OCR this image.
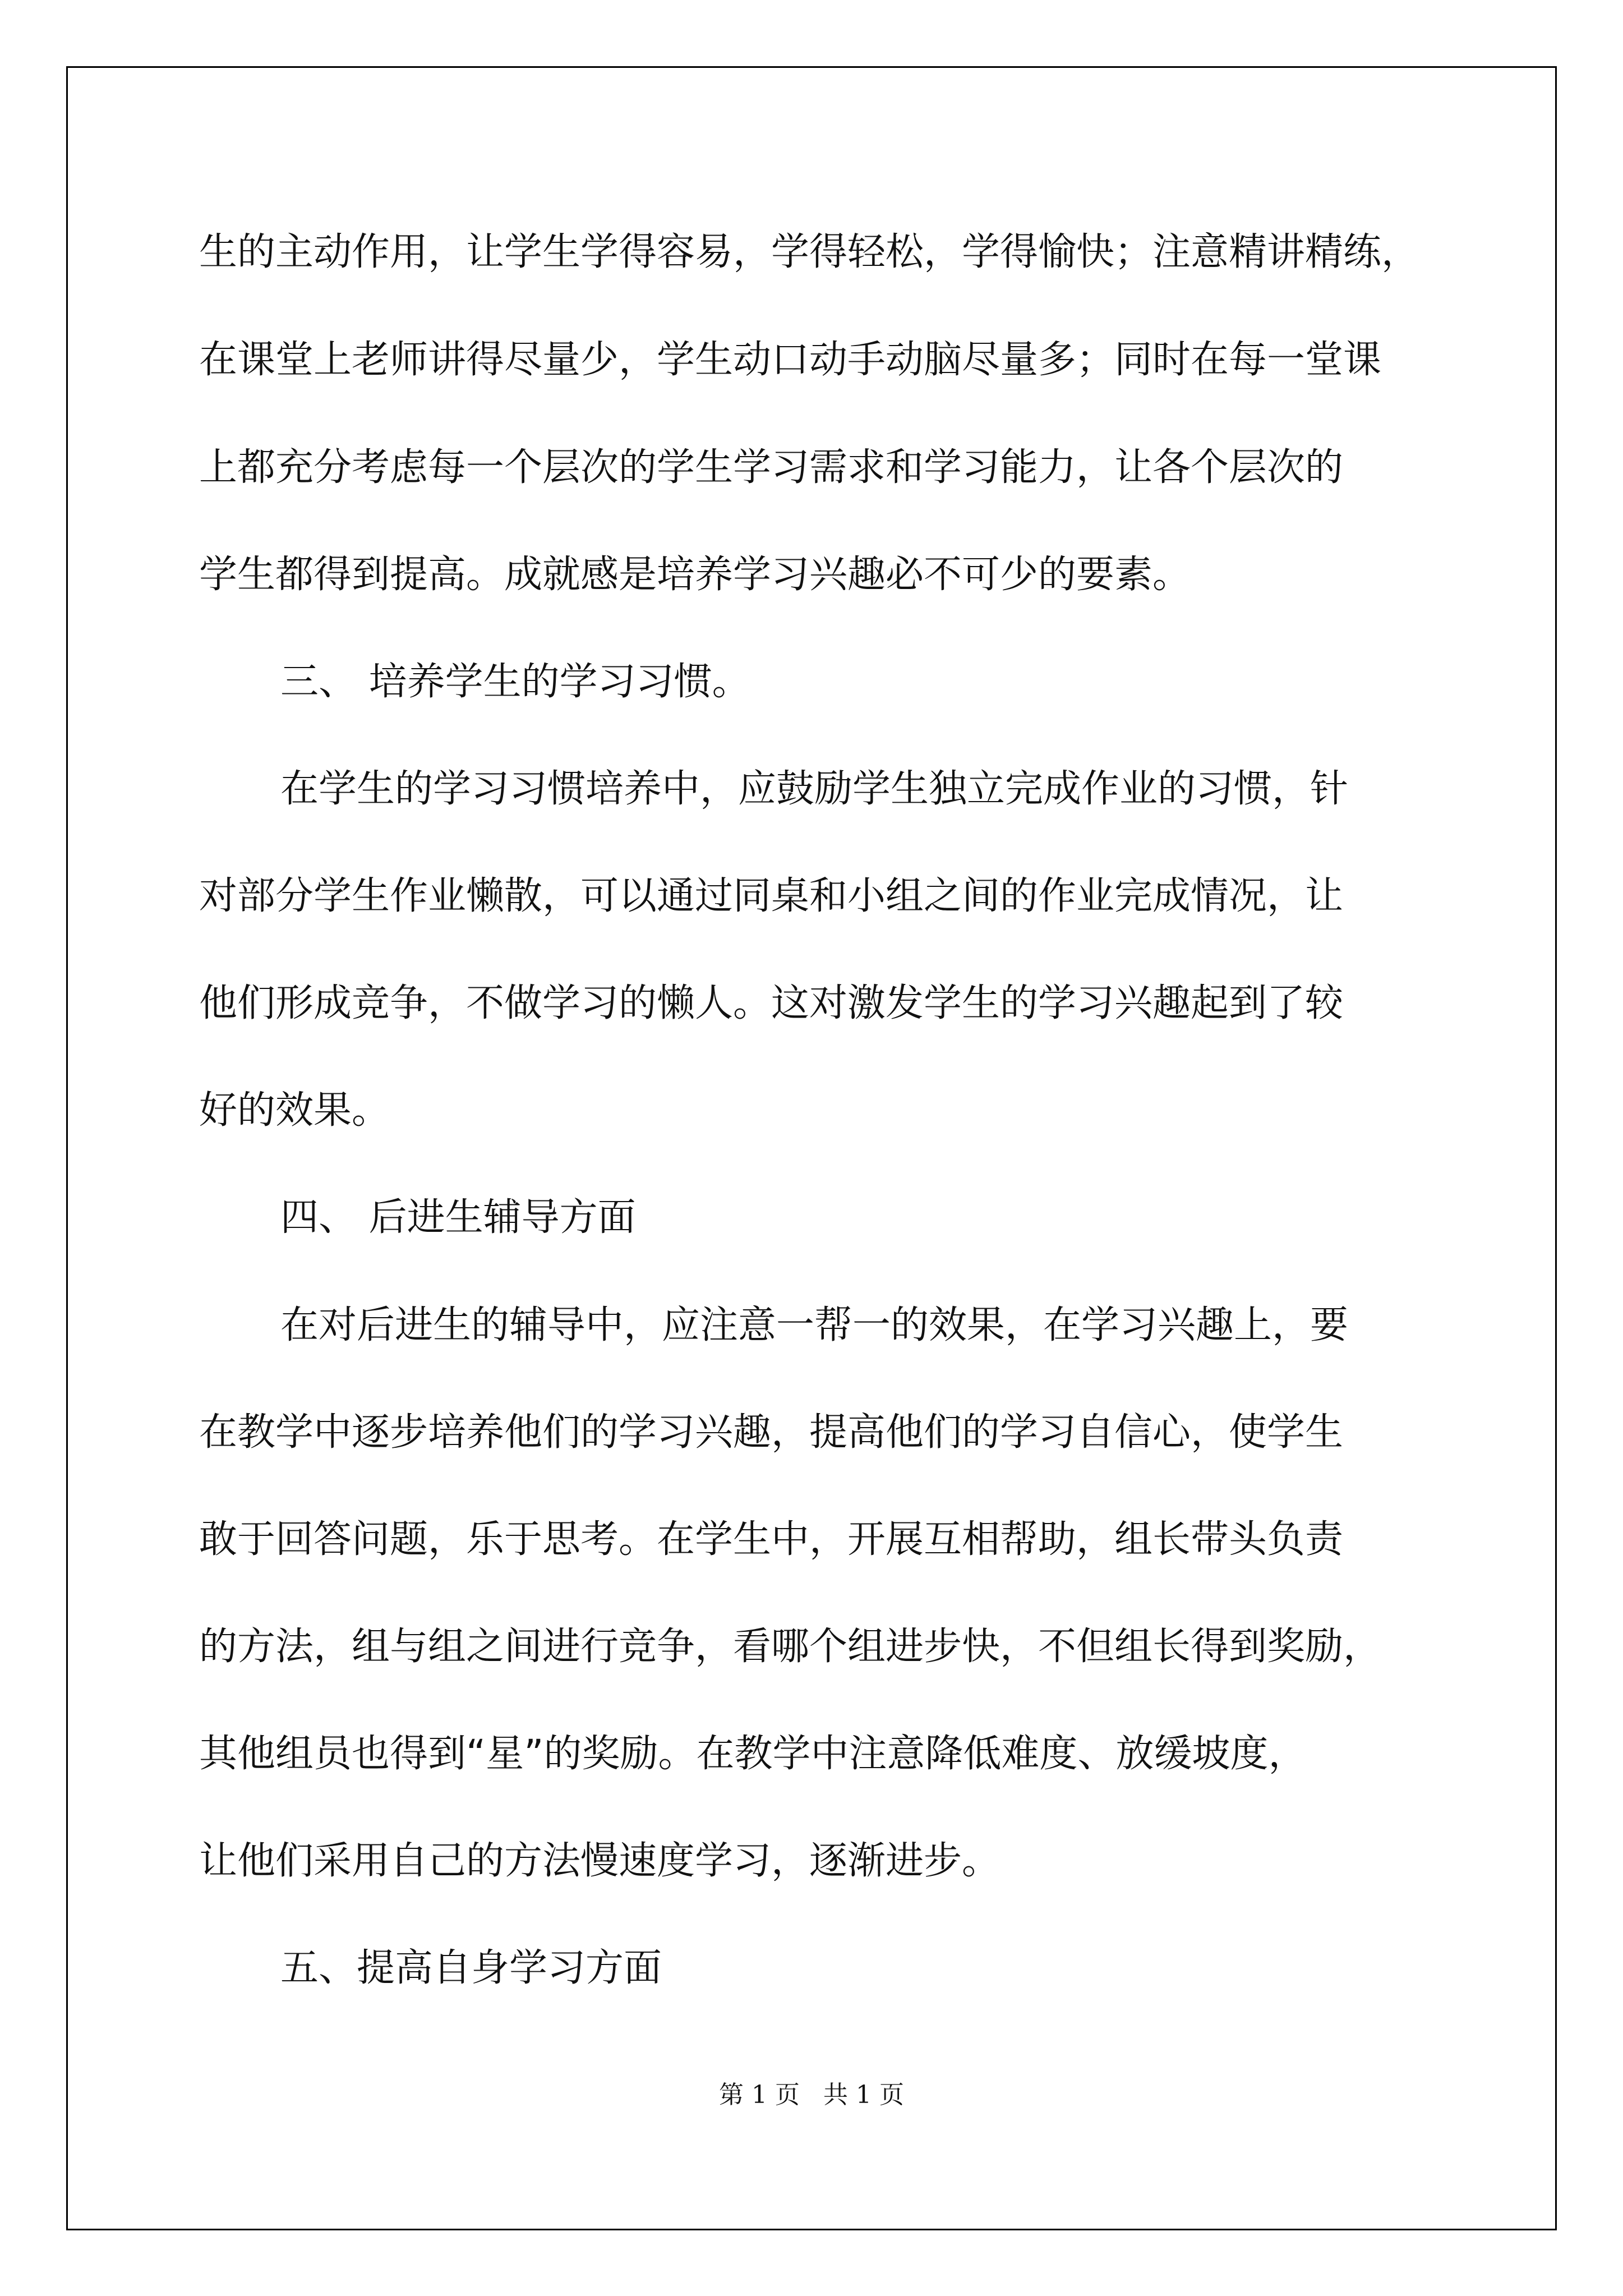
生的主动作用，让学生学得容易，学得轻松，学得愉快；注意精讲精练，

在课堂上老师讲得尽量少，学生动口动手动脑尽量多；同时在每一堂课

上都充分考虑每一个层次的学生学习需求和学习能力，让各个层次的

学生都得到提高。成就感是培养学习兴趣必不可少的要素。

三、 培养学生的学习习惯。

在学生的学习习惯培养中，应鼓励学生独立完成作业的习惯，针

对部分学生作业懒散，可以通过同桌和小组之间的作业完成情况，让

他们形成竞争，不做学习的懒人。这对激发学生的学习兴趣起到了较

好的效果。

四、 后进生辅导方面

在对后进生的辅导中，应注意一帮一的效果，在学习兴趣上，要

在教学中逐步培养他们的学习兴趣，提高他们的学习自信心，使学生

敢于回答问题，乐于思考。在学生中，开展互相帮助，组长带头负责

的方法，组与组之间进行竞争，看哪个组进步快，不但组长得到奖励，

其他组员也得到“星”的奖励。在教学中注意降低难度、放缓坡度，

让他们采用自己的方法慢速度学习，逐渐进步。

五、提高自身学习方面
第 1 页 共 1 页
